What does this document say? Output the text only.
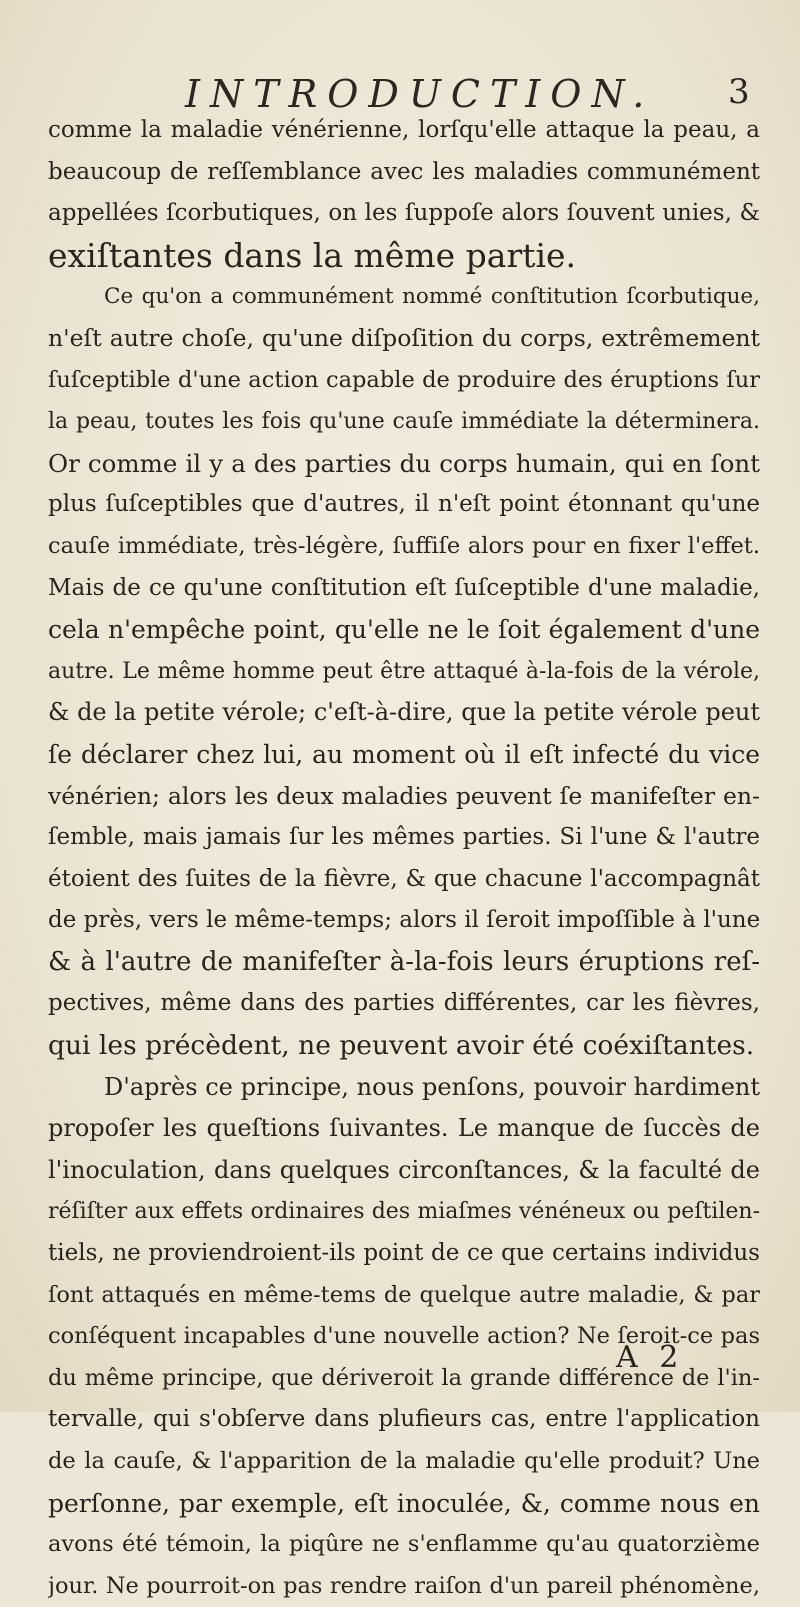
INTRODUCTION. 3
comme la maladie vénérienne, lorſqu'elle attaque la peau, a
beaucoup de reſſemblance avec les maladies communément
appellées ſcorbutiques, on les ſuppoſe alors ſouvent unies, &
exiſtantes dans la même partie.
Ce qu'on a communément nommé conſtitution ſcorbutique,
n'eſt autre choſe, qu'une diſpoſition du corps, extrêmement
ſuſceptible d'une action capable de produire des éruptions ſur
la peau, toutes les fois qu'une cauſe immédiate la déterminera.
Or comme il y a des parties du corps humain, qui en ſont
plus ſuſceptibles que d'autres, il n'eſt point étonnant qu'une
cauſe immédiate, très-légère, ſuffiſe alors pour en fixer l'effet.
Mais de ce qu'une conſtitution eſt ſuſceptible d'une maladie,
cela n'empêche point, qu'elle ne le ſoit également d'une
autre. Le même homme peut être attaqué à-la-fois de la vérole,
& de la petite vérole; c'eſt-à-dire, que la petite vérole peut
ſe déclarer chez lui, au moment où il eſt infecté du vice
vénérien; alors les deux maladies peuvent ſe manifeſter en-
ſemble, mais jamais ſur les mêmes parties. Si l'une & l'autre
étoient des ſuites de la fièvre, & que chacune l'accompagnât
de près, vers le même-temps; alors il ſeroit impoſſible à l'une
& à l'autre de manifeſter à-la-fois leurs éruptions reſ-
pectives, même dans des parties différentes, car les fièvres,
qui les précèdent, ne peuvent avoir été coéxiſtantes.
D'après ce principe, nous penſons, pouvoir hardiment
propoſer les queſtions ſuivantes. Le manque de ſuccès de
l'inoculation, dans quelques circonſtances, & la faculté de
réſiſter aux effets ordinaires des miaſmes vénéneux ou peſtilen-
tiels, ne proviendroient-ils point de ce que certains individus
ſont attaqués en même-tems de quelque autre maladie, & par
conſéquent incapables d'une nouvelle action? Ne ſeroit-ce pas
du même principe, que dériveroit la grande différence de l'in-
tervalle, qui s'obſerve dans plufieurs cas, entre l'application
de la cauſe, & l'apparition de la maladie qu'elle produit? Une
perſonne, par exemple, eſt inoculée, &, comme nous en
avons été témoin, la piqûre ne s'enflamme qu'au quatorzième
jour. Ne pourroit-on pas rendre raiſon d'un pareil phénomène,
A 2
